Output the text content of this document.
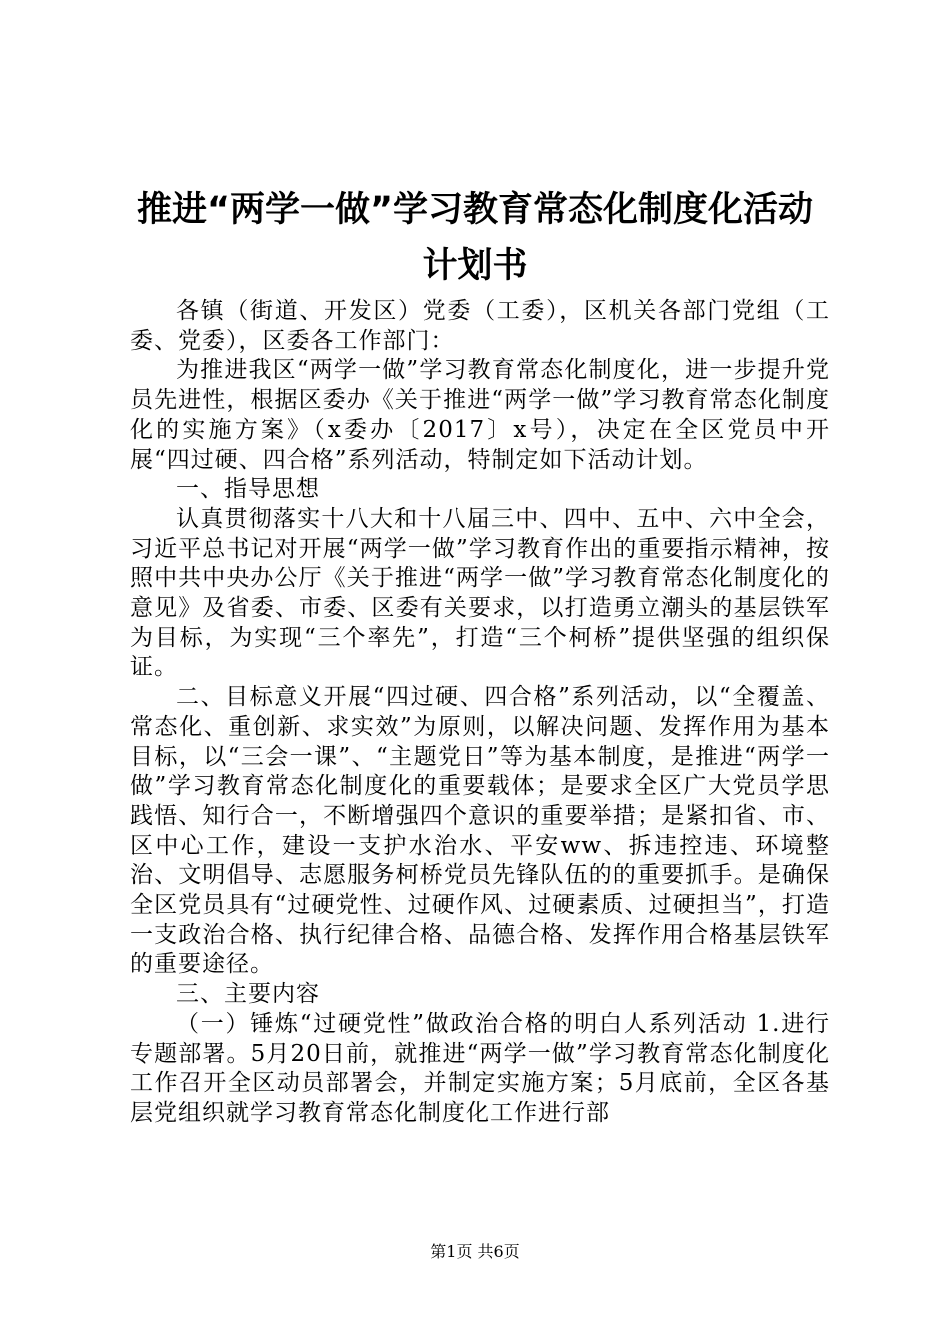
推进“两学一做”学习教育常态化制度化活动
计划书

各镇（街道、开发区）党委（工委），区机关各部门党组（工委、党委），区委各工作部门：

为推进我区“两学一做”学习教育常态化制度化，进一步提升党员先进性，根据区委办《关于推进“两学一做”学习教育常态化制度化的实施方案》（x委办〔2017〕x号），决定在全区党员中开展“四过硬、四合格”系列活动，特制定如下活动计划。

一、指导思想

认真贯彻落实十八大和十八届三中、四中、五中、六中全会，习近平总书记对开展“两学一做”学习教育作出的重要指示精神，按照中共中央办公厅《关于推进“两学一做”学习教育常态化制度化的意见》及省委、市委、区委有关要求，以打造勇立潮头的基层铁军为目标，为实现“三个率先”，打造“三个柯桥”提供坚强的组织保证。

二、目标意义开展“四过硬、四合格”系列活动，以“全覆盖、常态化、重创新、求实效”为原则，以解决问题、发挥作用为基本目标，以“三会一课”、“主题党日”等为基本制度，是推进“两学一做”学习教育常态化制度化的重要载体；是要求全区广大党员学思践悟、知行合一，不断增强四个意识的重要举措；是紧扣省、市、区中心工作，建设一支护水治水、平安ww、拆违控违、环境整治、文明倡导、志愿服务柯桥党员先锋队伍的的重要抓手。是确保全区党员具有“过硬党性、过硬作风、过硬素质、过硬担当”，打造一支政治合格、执行纪律合格、品德合格、发挥作用合格基层铁军的重要途径。

三、主要内容

（一）锤炼“过硬党性”做政治合格的明白人系列活动 1.进行专题部署。5月20日前，就推进“两学一做”学习教育常态化制度化工作召开全区动员部署会，并制定实施方案；5月底前，全区各基层党组织就学习教育常态化制度化工作进行部

第1页 共6页
